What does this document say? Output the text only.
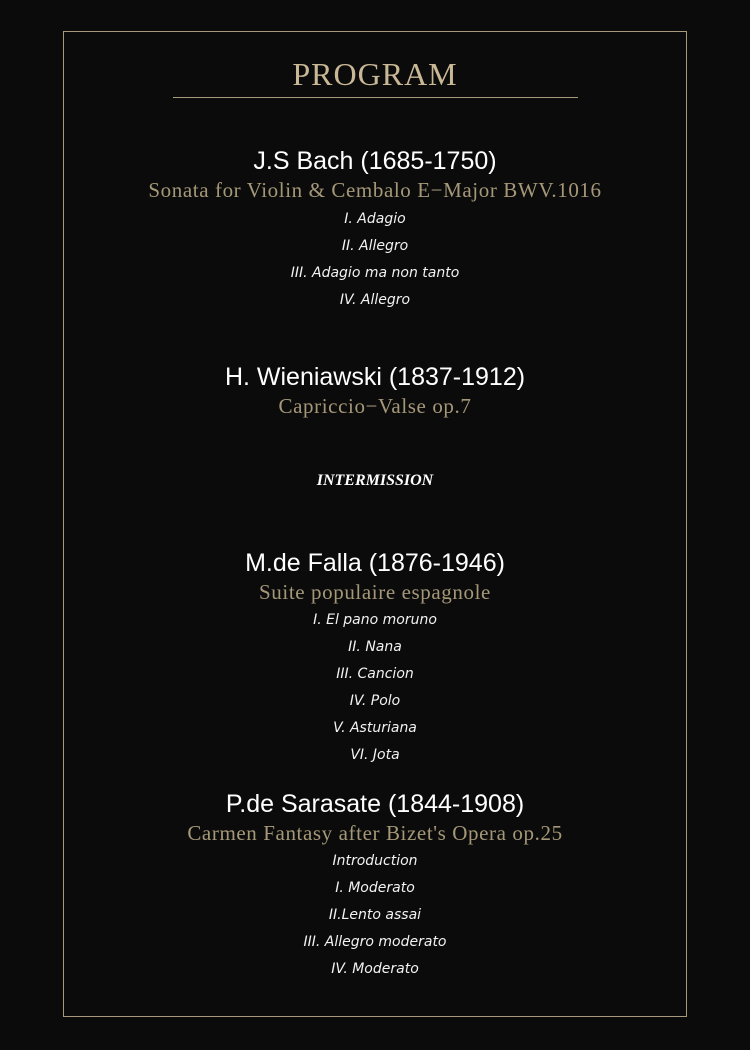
PROGRAM
J.S Bach (1685-1750)
Sonata for Violin & Cembalo E−Major BWV.1016
I. Adagio
II. Allegro
III. Adagio ma non tanto
IV. Allegro
H. Wieniawski (1837-1912)
Capriccio−Valse op.7
INTERMISSION
M.de Falla (1876-1946)
Suite populaire espagnole
I. El pano moruno
II. Nana
III. Cancion
IV. Polo
V. Asturiana
VI. Jota
P.de Sarasate (1844-1908)
Carmen Fantasy after Bizet's Opera op.25
Introduction
I. Moderato
II.Lento assai
III. Allegro moderato
IV. Moderato
